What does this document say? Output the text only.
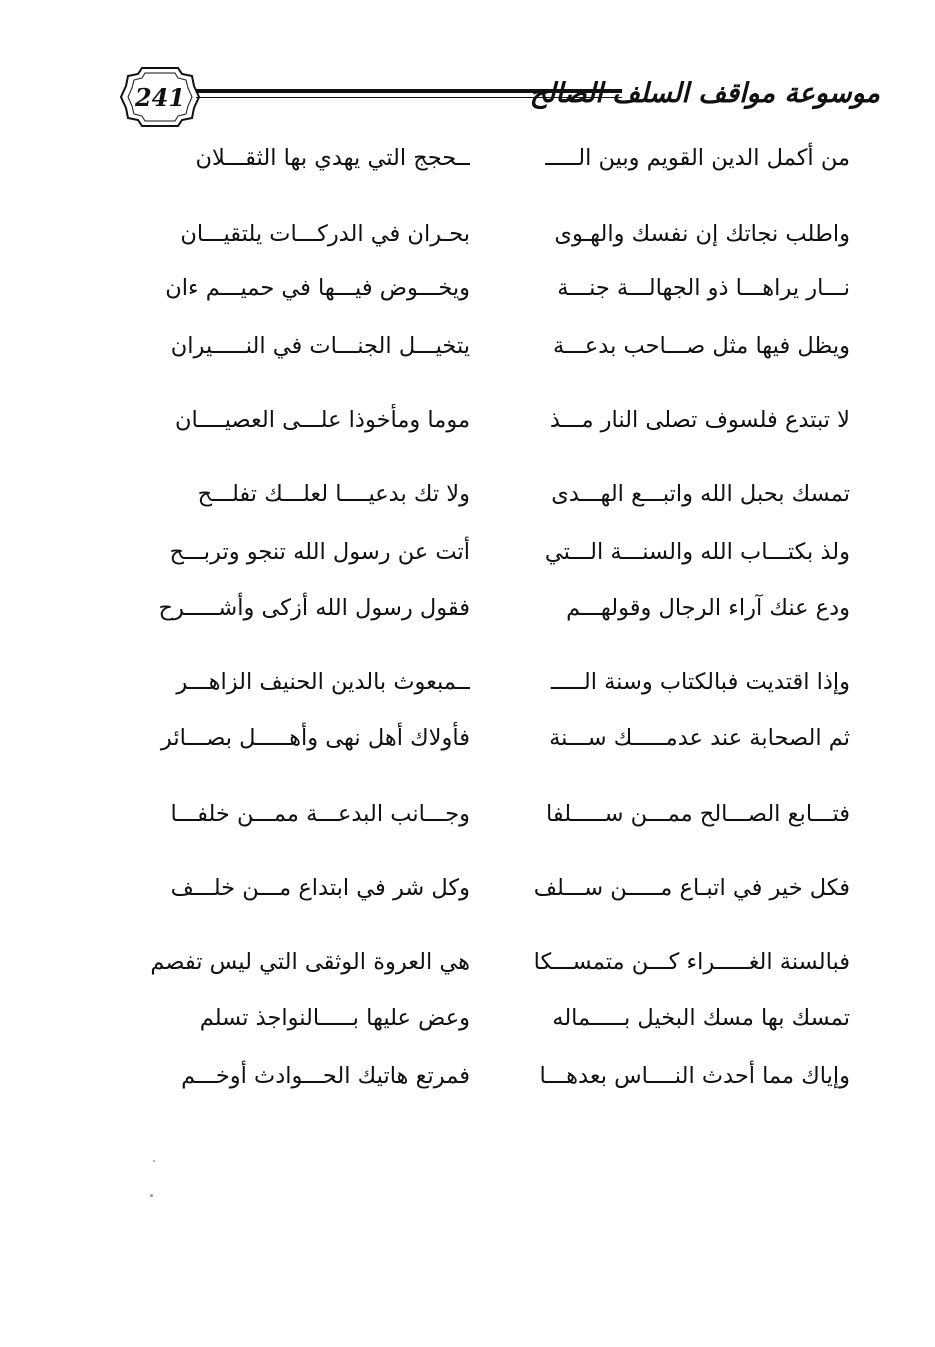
241	موسوعة مواقف السلف الصالح
من أكمل الدين القويم وبين الـــــ
ــحجج التي يهدي بها الثقـــلان
واطلب نجاتك إن نفسك والهـوى
بحـران في الدركـــات يلتقيـــان
نـــار يراهـــا ذو الجهالـــة جنـــة
ويخـــوض فيـــها في حميـــم ءان
ويظل فيها مثل صـــاحب بدعـــة
يتخيـــل الجنـــات في النـــــيران
لا تبتدع فلسوف تصلى النار مـــذ
موما ومأخوذا علـــى العصيــــان
تمسك بحبل الله واتبـــع الهـــدى
ولا تك بدعيــــا لعلـــك تفلـــح
ولذ بكتـــاب الله والسنـــة الـــتي
أتت عن رسول الله تنجو وتربـــح
ودع عنك آراء الرجال وقولهـــم
فقول رسول الله أزكى وأشـــــرح
وإذا اقتديت فبالكتاب وسنة الـــــ
ــمبعوث بالدين الحنيف الزاهـــر
ثم الصحابة عند عدمـــــك ســـنة
فأولاك أهل نهى وأهـــــل بصـــائر
فتـــابع الصـــالح ممـــن ســـــلفا
وجـــانب البدعـــة ممـــن خلفـــا
فكل خير في اتبـاع مـــــن ســـلف
وكل شر في ابتداع مـــن خلـــف
فبالسنة الغـــــراء كـــن متمســـكا
هي العروة الوثقى التي ليس تفصم
تمسك بها مسك البخيل بـــــماله
وعض عليها بـــــالنواجذ تسلم
وإياك مما أحدث النــــاس بعدهـــا
فمرتع هاتيك الحـــوادث أوخـــم
